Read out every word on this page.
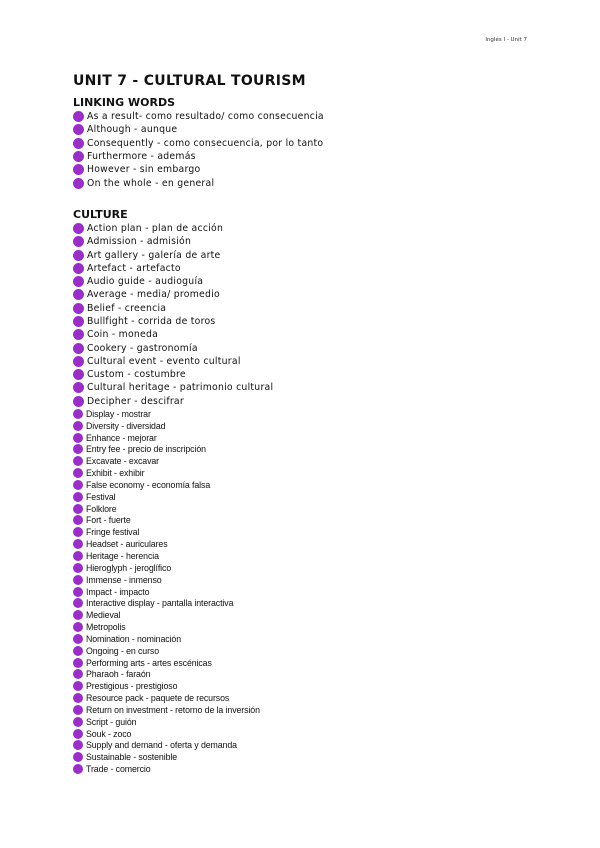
Inglés I - Unit 7
UNIT 7 - CULTURAL TOURISM
LINKING WORDS
As a result- como resultado/ como consecuencia
Although - aunque
Consequently - como consecuencia, por lo tanto
Furthermore - además
However - sin embargo
On the whole - en general
CULTURE
Action plan - plan de acción
Admission - admisión
Art gallery - galería de arte
Artefact - artefacto
Audio guide - audioguía
Average - media/ promedio
Belief - creencia
Bullfight - corrida de toros
Coin - moneda
Cookery - gastronomía
Cultural event - evento cultural
Custom - costumbre
Cultural heritage - patrimonio cultural
Decipher - descifrar
Display - mostrar
Diversity - diversidad
Enhance - mejorar
Entry fee - precio de inscripción
Excavate - excavar
Exhibit - exhibir
False economy - economía falsa
Festival
Folklore
Fort - fuerte
Fringe festival
Headset - auriculares
Heritage - herencia
Hieroglyph - jeroglífico
Immense - inmenso
Impact - impacto
Interactive display - pantalla interactiva
Medieval
Metropolis
Nomination - nominación
Ongoing - en curso
Performing arts - artes escénicas
Pharaoh - faraón
Prestigious - prestigioso
Resource pack - paquete de recursos
Return on investment - retorno de la inversión
Script - guión
Souk - zoco
Supply and demand - oferta y demanda
Sustainable - sostenible
Trade - comercio
